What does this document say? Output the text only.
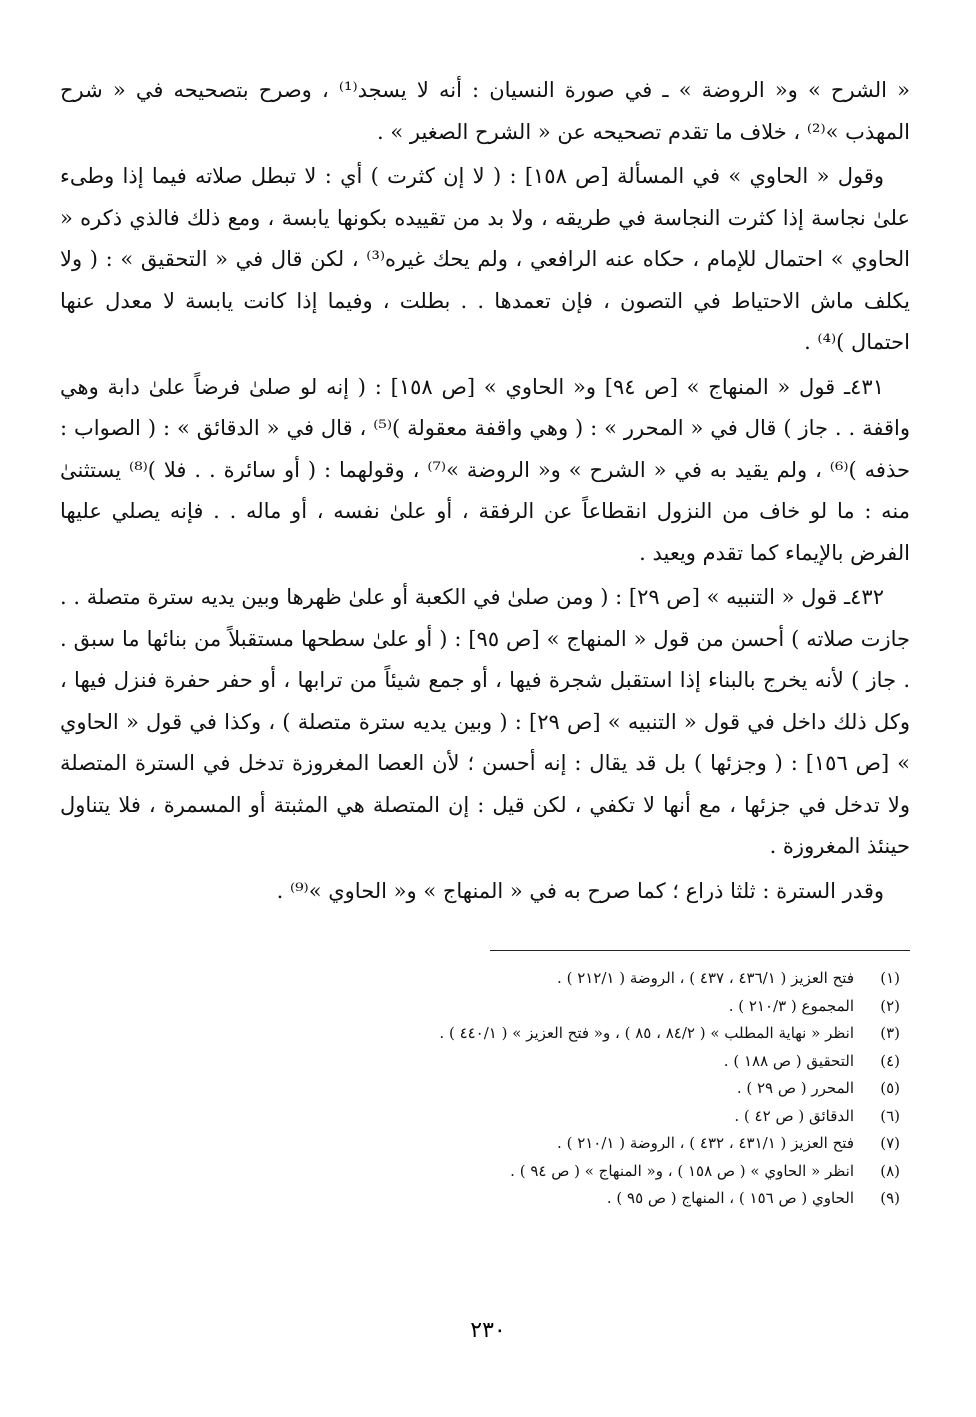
« الشرح » و« الروضة » ـ في صورة النسيان : أنه لا يسجد⁽¹⁾ ، وصرح بتصحيحه في « شرح المهذب »⁽²⁾ ، خلاف ما تقدم تصحيحه عن « الشرح الصغير » .

وقول « الحاوي » في المسألة [ص ١٥٨] : ( لا إن كثرت ) أي : لا تبطل صلاته فيما إذا وطىء علىٰ نجاسة إذا كثرت النجاسة في طريقه ، ولا بد من تقييده بكونها يابسة ، ومع ذلك فالذي ذكره « الحاوي » احتمال للإمام ، حكاه عنه الرافعي ، ولم يحك غيره⁽³⁾ ، لكن قال في « التحقيق » : ( ولا يكلف ماش الاحتياط في التصون ، فإن تعمدها . . بطلت ، وفيما إذا كانت يابسة لا معدل عنها احتمال )⁽⁴⁾ .

٤٣١ـ قول « المنهاج » [ص ٩٤] و« الحاوي » [ص ١٥٨] : ( إنه لو صلىٰ فرضاً علىٰ دابة وهي واقفة . . جاز ) قال في « المحرر » : ( وهي واقفة معقولة )⁽⁵⁾ ، قال في « الدقائق » : ( الصواب : حذفه )⁽⁶⁾ ، ولم يقيد به في « الشرح » و« الروضة »⁽⁷⁾ ، وقولهما : ( أو سائرة . . فلا )⁽⁸⁾ يستثنىٰ منه : ما لو خاف من النزول انقطاعاً عن الرفقة ، أو علىٰ نفسه ، أو ماله . . فإنه يصلي عليها الفرض بالإيماء كما تقدم ويعيد .

٤٣٢ـ قول « التنبيه » [ص ٢٩] : ( ومن صلىٰ في الكعبة أو علىٰ ظهرها وبين يديه سترة متصلة . . جازت صلاته ) أحسن من قول « المنهاج » [ص ٩٥] : ( أو علىٰ سطحها مستقبلاً من بنائها ما سبق . . جاز ) لأنه يخرج بالبناء إذا استقبل شجرة فيها ، أو جمع شيئاً من ترابها ، أو حفر حفرة فنزل فيها ، وكل ذلك داخل في قول « التنبيه » [ص ٢٩] : ( وبين يديه سترة متصلة ) ، وكذا في قول « الحاوي » [ص ١٥٦] : ( وجزئها ) بل قد يقال : إنه أحسن ؛ لأن العصا المغروزة تدخل في السترة المتصلة ولا تدخل في جزئها ، مع أنها لا تكفي ، لكن قيل : إن المتصلة هي المثبتة أو المسمرة ، فلا يتناول حينئذ المغروزة .

وقدر السترة : ثلثا ذراع ؛ كما صرح به في « المنهاج » و« الحاوي »⁽⁹⁾ .

(١)
فتح العزيز ( ٤٣٦/١ ، ٤٣٧ ) ، الروضة ( ٢١٢/١ ) .
(٢)
المجموع ( ٢١٠/٣ ) .
(٣)
انظر « نهاية المطلب » ( ٨٤/٢ ، ٨٥ ) ، و« فتح العزيز » ( ٤٤٠/١ ) .
(٤)
التحقيق ( ص ١٨٨ ) .
(٥)
المحرر ( ص ٢٩ ) .
(٦)
الدقائق ( ص ٤٢ ) .
(٧)
فتح العزيز ( ٤٣١/١ ، ٤٣٢ ) ، الروضة ( ٢١٠/١ ) .
(٨)
انظر « الحاوي » ( ص ١٥٨ ) ، و« المنهاج » ( ص ٩٤ ) .
(٩)
الحاوي ( ص ١٥٦ ) ، المنهاج ( ص ٩٥ ) .
٢٣٠
